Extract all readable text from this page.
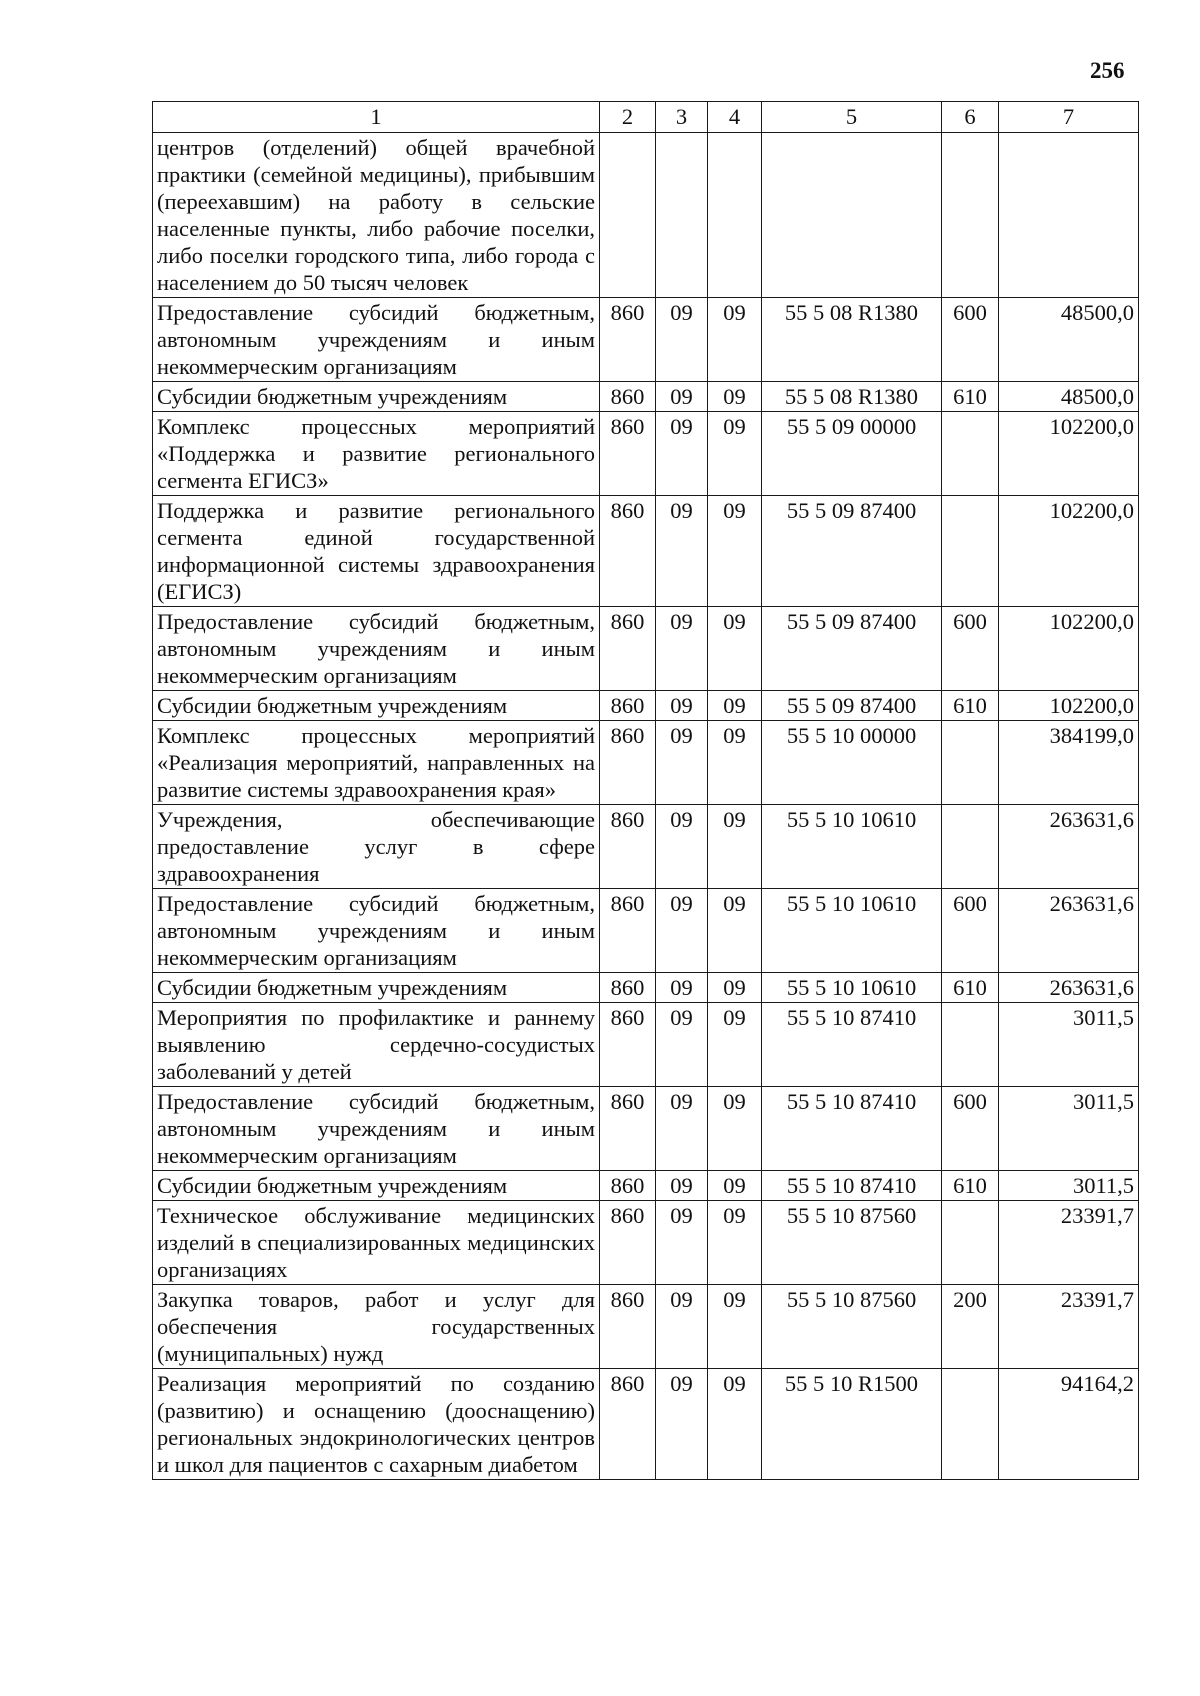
256
1	2	3	4	5	6	7
центров (отделений) общей врачебной практики (семейной медицины), прибывшим (переехавшим) на работу в сельские населенные пункты, либо рабочие поселки, либо поселки городского типа, либо города с населением до 50 тысяч человек						
Предоставление субсидий бюджетным, автономным учреждениям и иным некоммерческим организациям	860	09	09	55 5 08 R1380	600	48500,0
Субсидии бюджетным учреждениям	860	09	09	55 5 08 R1380	610	48500,0
Комплекс процессных мероприятий «Поддержка и развитие регионального сегмента ЕГИСЗ»	860	09	09	55 5 09 00000		102200,0
Поддержка и развитие регионального сегмента единой государственной информационной системы здравоохранения (ЕГИСЗ)	860	09	09	55 5 09 87400		102200,0
Предоставление субсидий бюджетным, автономным учреждениям и иным некоммерческим организациям	860	09	09	55 5 09 87400	600	102200,0
Субсидии бюджетным учреждениям	860	09	09	55 5 09 87400	610	102200,0
Комплекс процессных мероприятий «Реализация мероприятий, направленных на развитие системы здравоохранения края»	860	09	09	55 5 10 00000		384199,0
Учреждения, обеспечивающие предоставление услуг в сфере здравоохранения	860	09	09	55 5 10 10610		263631,6
Предоставление субсидий бюджетным, автономным учреждениям и иным некоммерческим организациям	860	09	09	55 5 10 10610	600	263631,6
Субсидии бюджетным учреждениям	860	09	09	55 5 10 10610	610	263631,6
Мероприятия по профилактике и раннему выявлению сердечно-сосудистых заболеваний у детей	860	09	09	55 5 10 87410		3011,5
Предоставление субсидий бюджетным, автономным учреждениям и иным некоммерческим организациям	860	09	09	55 5 10 87410	600	3011,5
Субсидии бюджетным учреждениям	860	09	09	55 5 10 87410	610	3011,5
Техническое обслуживание медицинских изделий в специализированных медицинских организациях	860	09	09	55 5 10 87560		23391,7
Закупка товаров, работ и услуг для обеспечения государственных (муниципальных) нужд	860	09	09	55 5 10 87560	200	23391,7
Реализация мероприятий по созданию (развитию) и оснащению (дооснащению) региональных эндокринологических центров и школ для пациентов с сахарным диабетом	860	09	09	55 5 10 R1500		94164,2
